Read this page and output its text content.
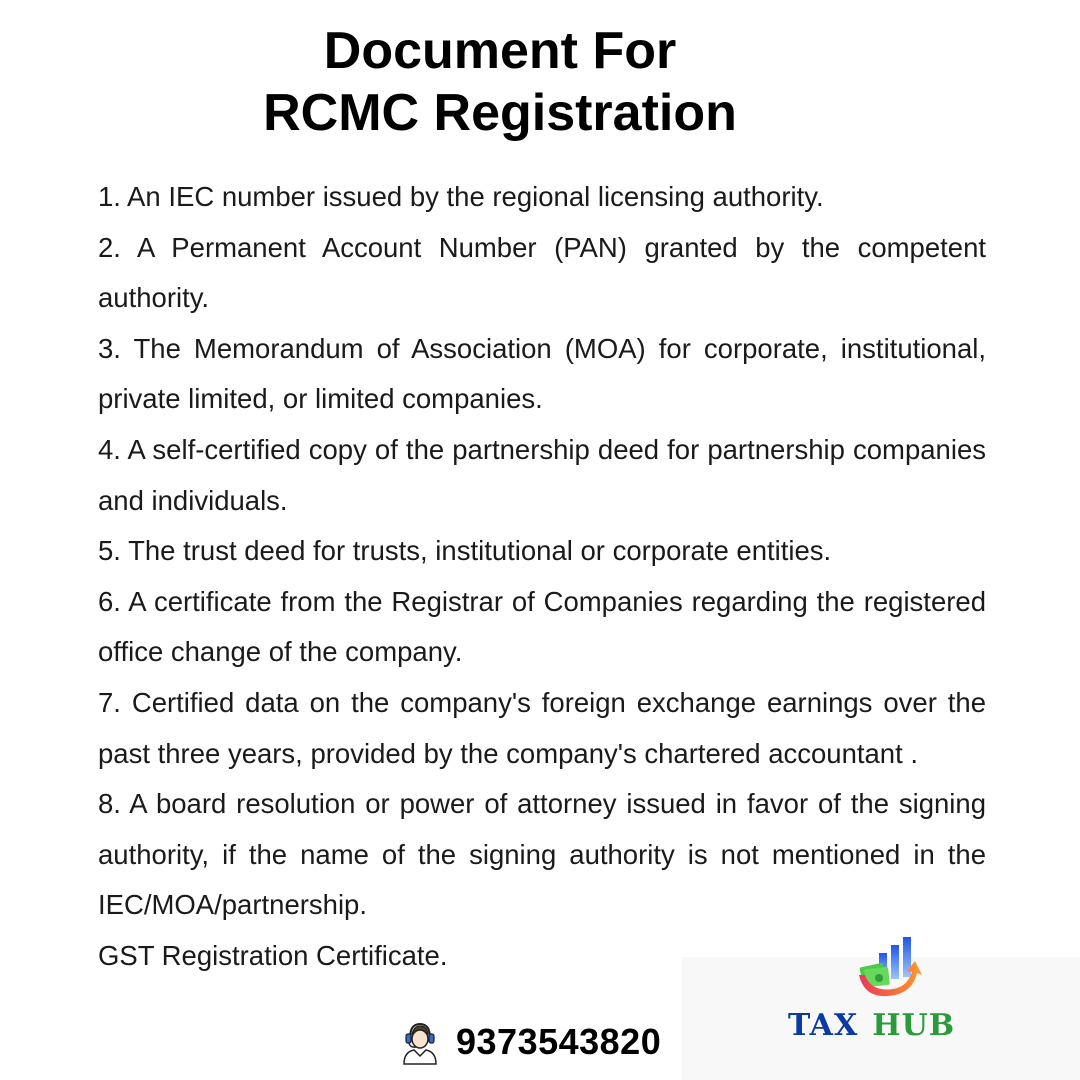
Document For
RCMC Registration

1. An IEC number issued by the regional licensing authority.

2. A Permanent Account Number (PAN) granted by the competent authority.

3. The Memorandum of Association (MOA) for corporate, institutional, private limited, or limited companies.

4. A self-certified copy of the partnership deed for partnership companies and individuals.

5. The trust deed for trusts, institutional or corporate entities.

6. A certificate from the Registrar of Companies regarding the registered office change of the company.

7. Certified data on the company's foreign exchange earnings over the past three years, provided by the company's chartered accountant .

8. A board resolution or power of attorney issued in favor of the signing authority, if the name of the signing authority is not mentioned in the IEC/MOA/partnership.

GST Registration Certificate.

TAX HUB
9373543820
